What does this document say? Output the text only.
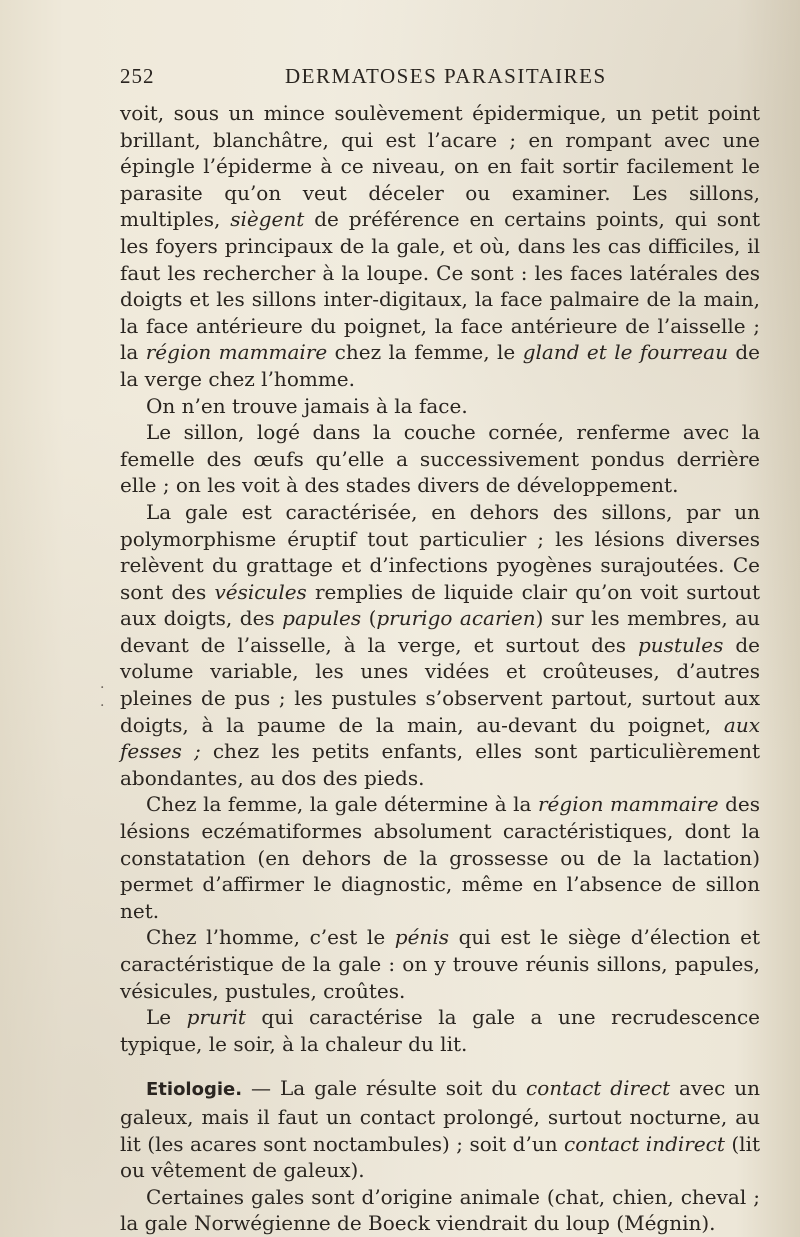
252	DERMATOSES PARASITAIRES

voit, sous un mince soulèvement épidermique, un petit point brillant, blanchâtre, qui est l’acare ; en rompant avec une épingle l’épiderme à ce niveau, on en fait sortir facilement le parasite qu’on veut déceler ou examiner. Les sillons, multiples, siègent de préférence en certains points, qui sont les foyers principaux de la gale, et où, dans les cas difficiles, il faut les rechercher à la loupe. Ce sont : les faces latérales des doigts et les sillons inter-digitaux, la face palmaire de la main, la face antérieure du poignet, la face antérieure de l’aisselle ; la région mammaire chez la femme, le gland et le fourreau de la verge chez l’homme.

On n’en trouve jamais à la face.

Le sillon, logé dans la couche cornée, renferme avec la femelle des œufs qu’elle a successivement pondus derrière elle ; on les voit à des stades divers de développement.

La gale est caractérisée, en dehors des sillons, par un polymorphisme éruptif tout particulier ; les lésions diverses relèvent du grattage et d’infections pyogènes surajoutées. Ce sont des vésicules remplies de liquide clair qu’on voit surtout aux doigts, des papules (prurigo acarien) sur les membres, au devant de l’aisselle, à la verge, et surtout des pustules de volume variable, les unes vidées et croûteuses, d’autres pleines de pus ; les pustules s’observent partout, surtout aux doigts, à la paume de la main, au-devant du poignet, aux fesses ; chez les petits enfants, elles sont particulièrement abondantes, au dos des pieds.

Chez la femme, la gale détermine à la région mammaire des lésions eczématiformes absolument caractéristiques, dont la constatation (en dehors de la grossesse ou de la lactation) permet d’affirmer le diagnostic, même en l’absence de sillon net.

Chez l’homme, c’est le pénis qui est le siège d’élection et caractéristique de la gale : on y trouve réunis sillons, papules, vésicules, pustules, croûtes.

Le prurit qui caractérise la gale a une recrudescence typique, le soir, à la chaleur du lit.

Etiologie. — La gale résulte soit du contact direct avec un galeux, mais il faut un contact prolongé, surtout nocturne, au lit (les acares sont noctambules) ; soit d’un contact indirect (lit ou vêtement de galeux).

Certaines gales sont d’origine animale (chat, chien, cheval ; la gale Norwégienne de Boeck viendrait du loup (Mégnin).

·
·
